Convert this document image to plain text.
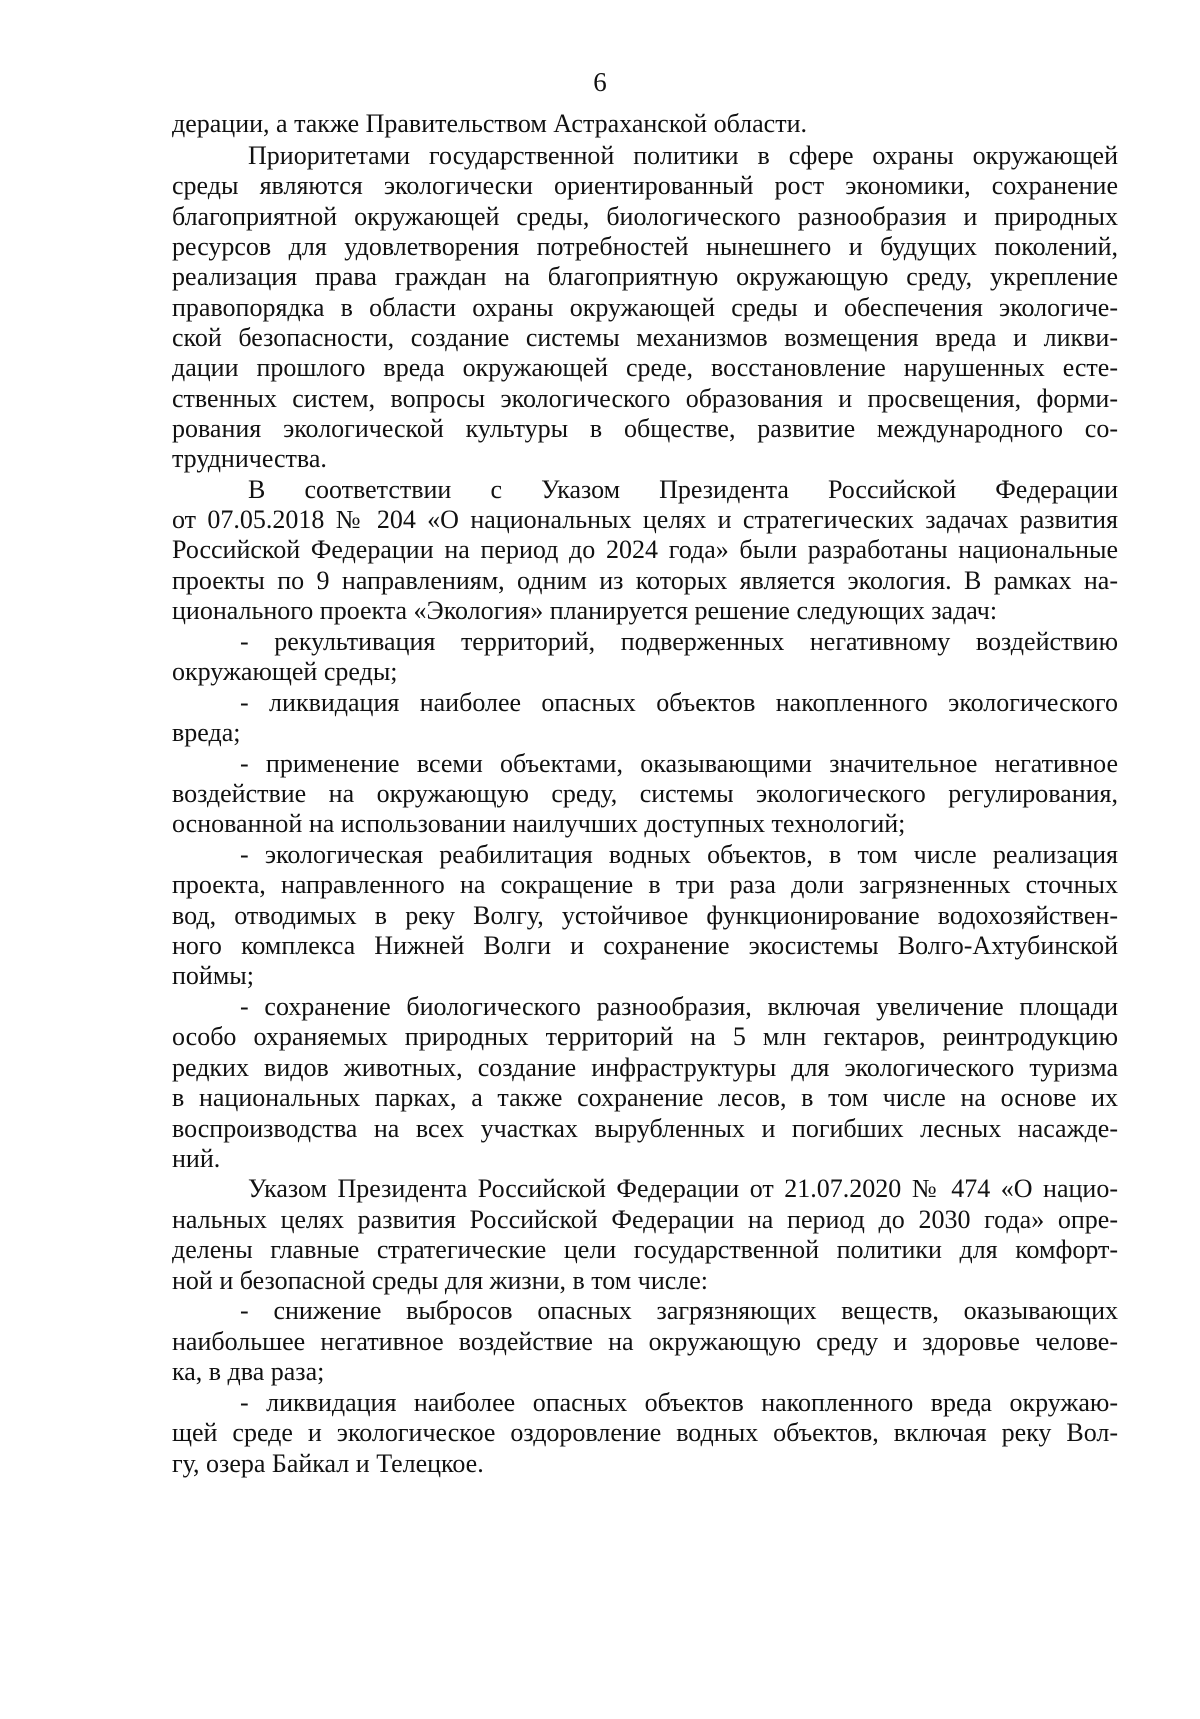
6
дерации, а также Правительством Астраханской области.
Приоритетами государственной политики в сфере охраны окружающей
среды являются экологически ориентированный рост экономики, сохранение
благоприятной окружающей среды, биологического разнообразия и природных
ресурсов для удовлетворения потребностей нынешнего и будущих поколений,
реализация права граждан на благоприятную окружающую среду, укрепление
правопорядка в области охраны окружающей среды и обеспечения экологиче-
ской безопасности, создание системы механизмов возмещения вреда и ликви-
дации прошлого вреда окружающей среде, восстановление нарушенных есте-
ственных систем, вопросы экологического образования и просвещения, форми-
рования экологической культуры в обществе, развитие международного со-
трудничества.
В соответствии с Указом Президента Российской Федерации
от 07.05.2018 № 204 «О национальных целях и стратегических задачах развития
Российской Федерации на период до 2024 года» были разработаны национальные
проекты по 9 направлениям, одним из которых является экология. В рамках на-
ционального проекта «Экология» планируется решение следующих задач:
- рекультивация территорий, подверженных негативному воздействию
окружающей среды;
- ликвидация наиболее опасных объектов накопленного экологического
вреда;
- применение всеми объектами, оказывающими значительное негативное
воздействие на окружающую среду, системы экологического регулирования,
основанной на использовании наилучших доступных технологий;
- экологическая реабилитация водных объектов, в том числе реализация
проекта, направленного на сокращение в три раза доли загрязненных сточных
вод, отводимых в реку Волгу, устойчивое функционирование водохозяйствен-
ного комплекса Нижней Волги и сохранение экосистемы Волго-Ахтубинской
поймы;
- сохранение биологического разнообразия, включая увеличение площади
особо охраняемых природных территорий на 5 млн гектаров, реинтродукцию
редких видов животных, создание инфраструктуры для экологического туризма
в национальных парках, а также сохранение лесов, в том числе на основе их
воспроизводства на всех участках вырубленных и погибших лесных насажде-
ний.
Указом Президента Российской Федерации от 21.07.2020 № 474 «О нацио-
нальных целях развития Российской Федерации на период до 2030 года» опре-
делены главные стратегические цели государственной политики для комфорт-
ной и безопасной среды для жизни, в том числе:
- снижение выбросов опасных загрязняющих веществ, оказывающих
наибольшее негативное воздействие на окружающую среду и здоровье челове-
ка, в два раза;
- ликвидация наиболее опасных объектов накопленного вреда окружаю-
щей среде и экологическое оздоровление водных объектов, включая реку Вол-
гу, озера Байкал и Телецкое.
